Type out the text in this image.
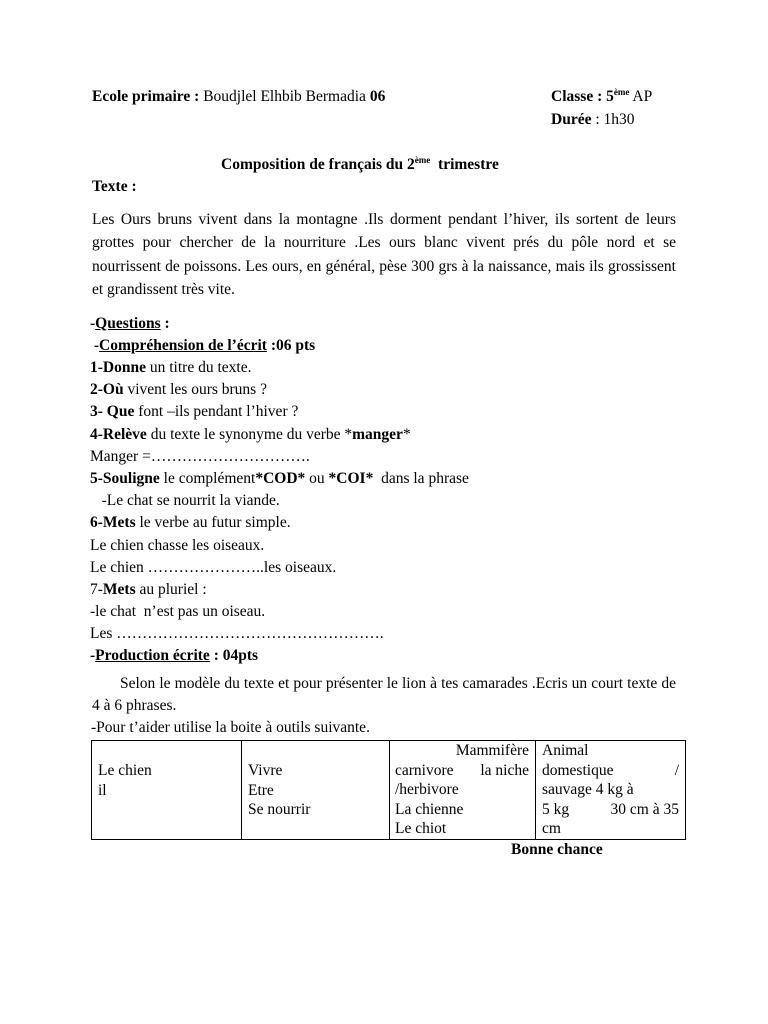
Ecole primaire : Boudjlel Elhbib Bermadia 06	Classe : 5ème AP
Durée : 1h30
Composition de français du 2ème  trimestre
Texte :
Les Ours bruns vivent dans la montagne .Ils dorment pendant l’hiver, ils sortent de leurs grottes pour chercher de la nourriture .Les ours blanc vivent prés du pôle nord et se nourrissent de poissons. Les ours, en général, pèse 300 grs à la naissance, mais ils grossissent et grandissent très vite.
-Questions :
-Compréhension de l’écrit :06 pts
1-Donne un titre du texte.
2-Où vivent les ours bruns ?
3- Que font –ils pendant l’hiver ?
4-Relève du texte le synonyme du verbe *manger*
Manger =………………………….
5-Souligne le complément*COD* ou *COI*  dans la phrase
-Le chat se nourrit la viande.
6-Mets le verbe au futur simple.
Le chien chasse les oiseaux.
Le chien …………………..les oiseaux.
7-Mets au pluriel :
-le chat  n’est pas un oiseau.
Les …………………………………………….
-Production écrite : 04pts
Selon le modèle du texte et pour présenter le lion à tes camarades .Ecris un court texte de 4 à 6 phrases.
-Pour t’aider utilise la boite à outils suivante.
Le chien
il

Vivre
Etre
Se nourrir

Mammifère
carnivore la niche
/herbivore
La chienne
Le chiot

Animal
domestique	/
sauvage 4 kg à
5 kg	30 cm à 35
cm
Bonne chance
